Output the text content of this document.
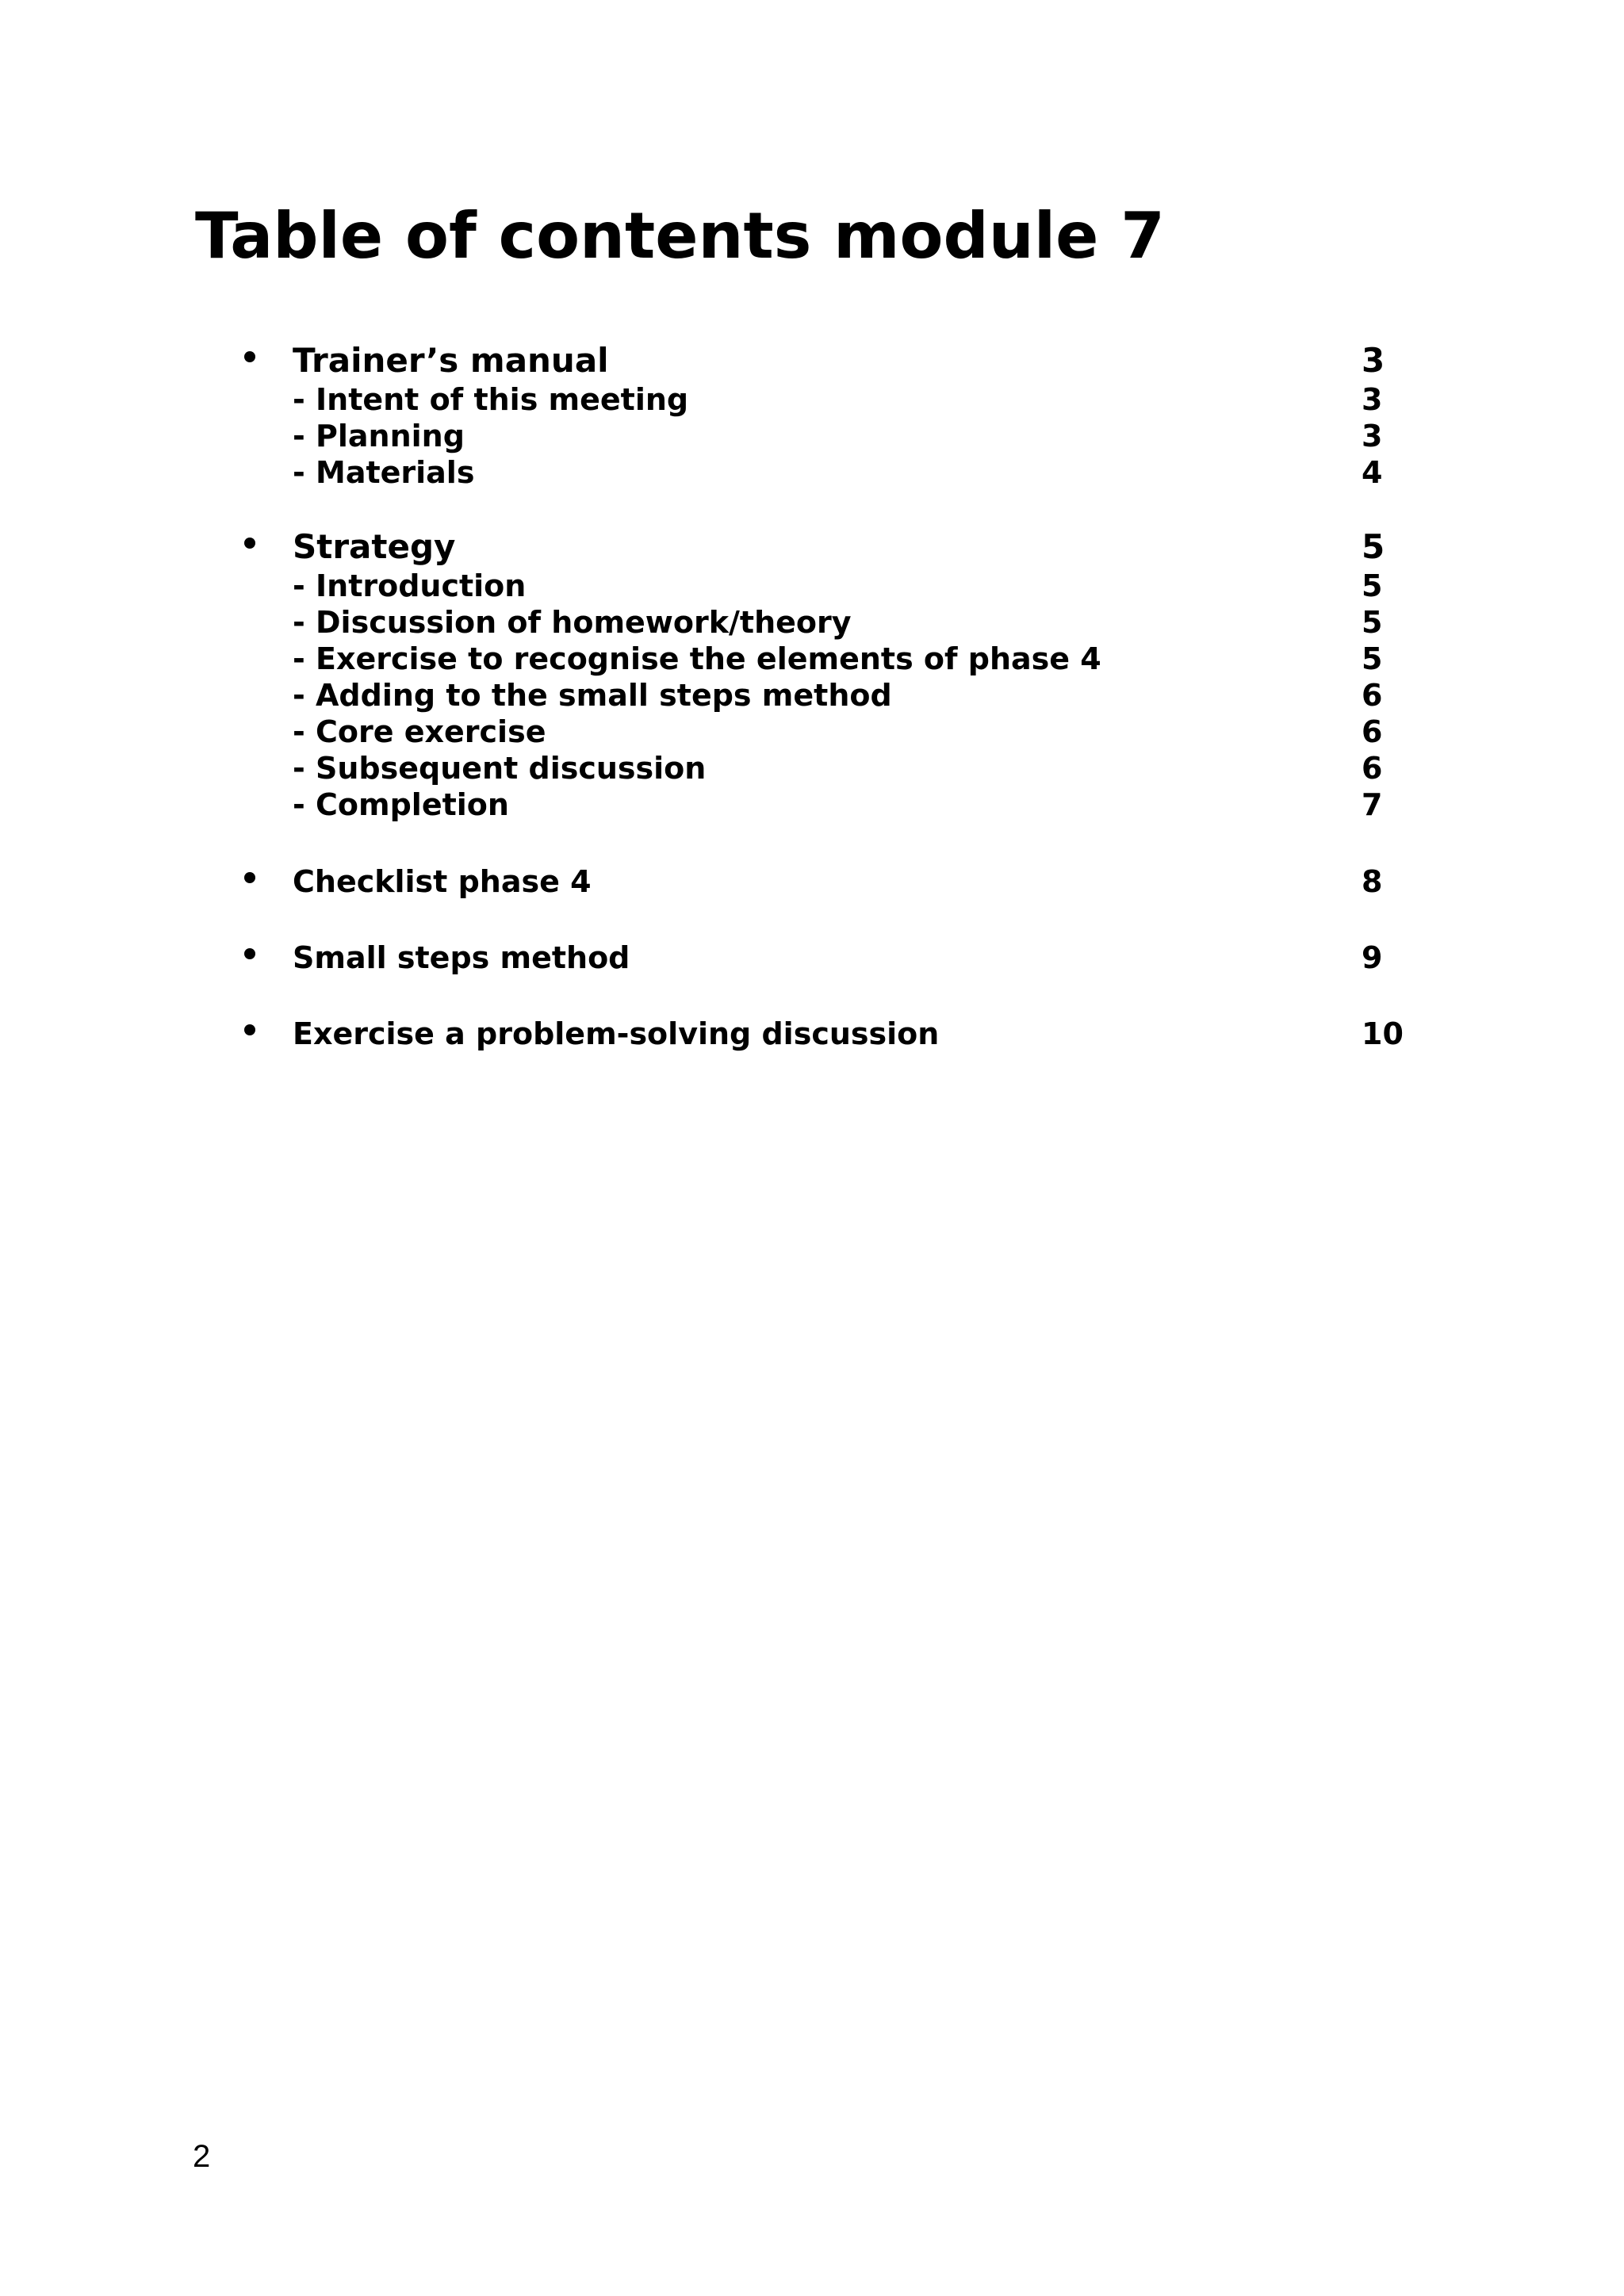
Table of contents module 7
Trainer’s manual	3
- Intent of this meeting	3
- Planning	3
- Materials	4
Strategy	5
- Introduction	5
- Discussion of homework/theory	5
- Exercise to recognise the elements of phase 4	5
- Adding to the small steps method	6
- Core exercise	6
- Subsequent discussion	6
- Completion	7
Checklist phase 4	8
Small steps method	9
Exercise a problem-solving discussion	10
2
